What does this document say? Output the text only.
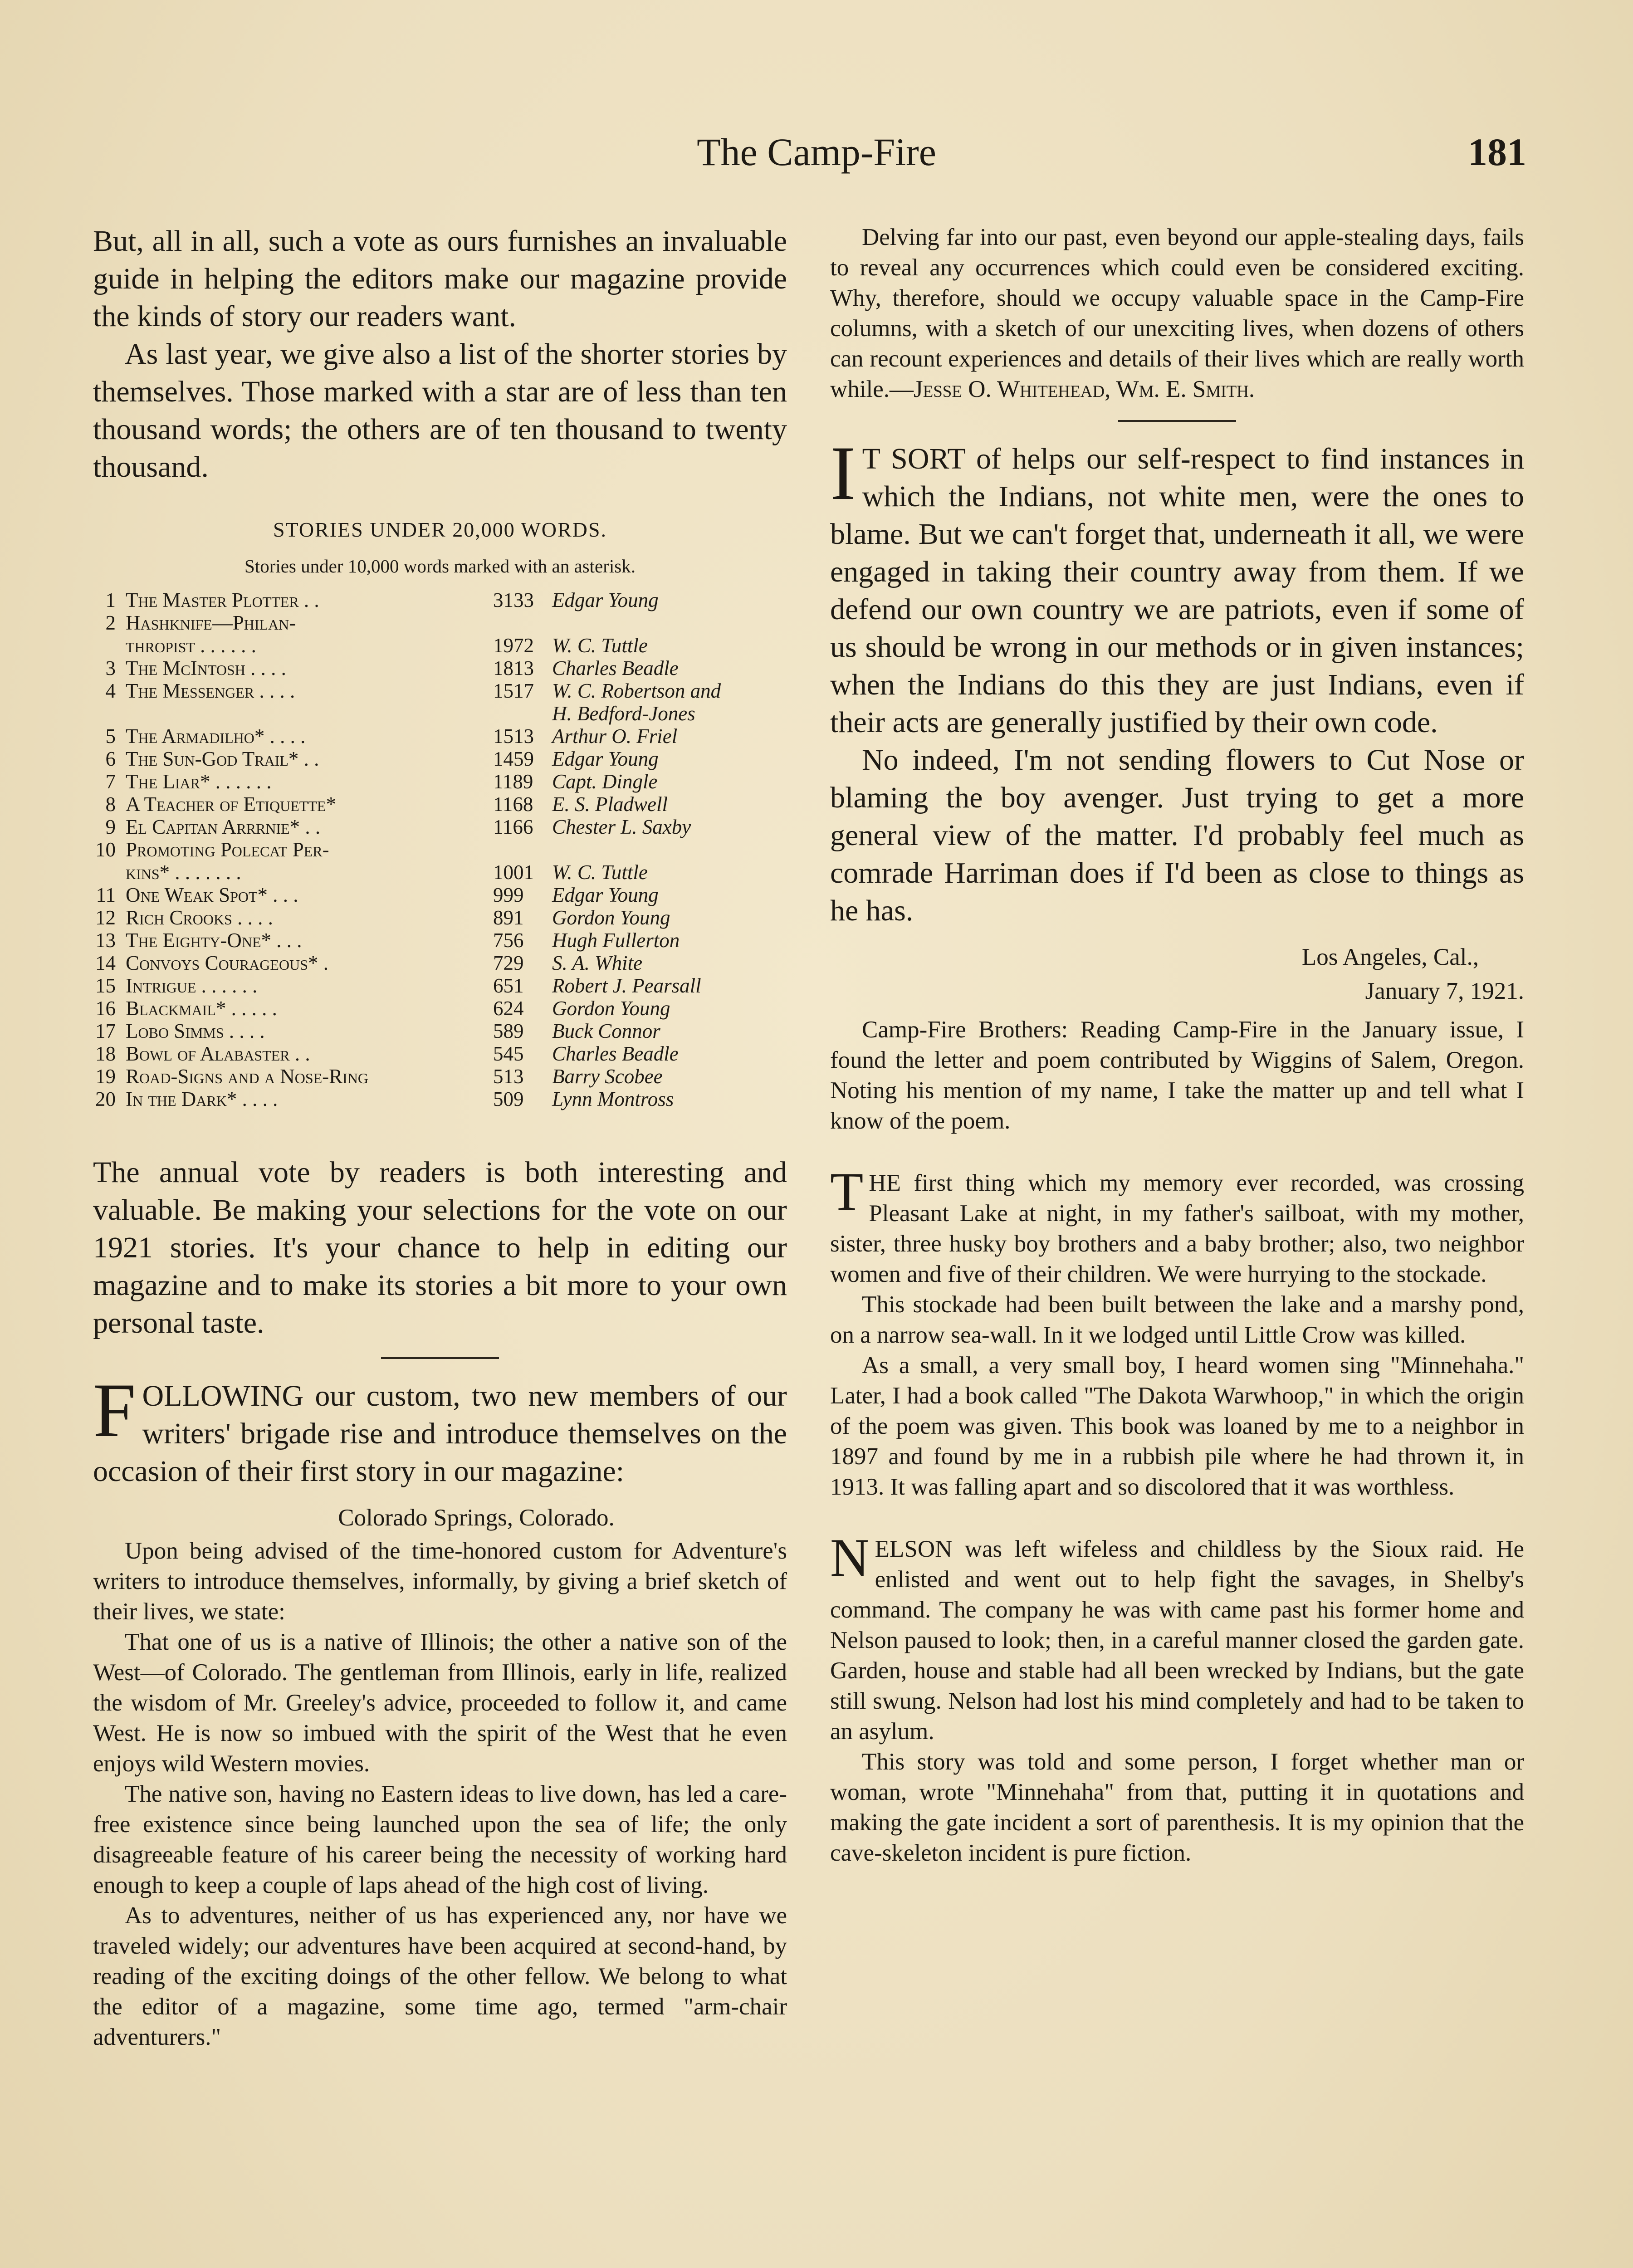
The Camp-Fire	181

But, all in all, such a vote as ours furnishes an invaluable guide in helping the editors make our magazine provide the kinds of story our readers want.

As last year, we give also a list of the shorter stories by themselves. Those marked with a star are of less than ten thousand words; the others are of ten thousand to twenty thousand.

STORIES UNDER 20,000 WORDS.
Stories under 10,000 words marked with an asterisk.
1 The Master Plotter . .	3133 Edgar Young
2 Hashknife—Philan-
thropist . . . . . .	1972 W. C. Tuttle
3 The McIntosh . . . .	1813 Charles Beadle
4 The Messenger . . . .	1517 W. C. Robertson and
H. Bedford-Jones
5 The Armadilho* . . . .	1513 Arthur O. Friel
6 The Sun-God Trail* . .	1459 Edgar Young
7 The Liar* . . . . . .	1189 Capt. Dingle
8 A Teacher of Etiquette*	1168 E. S. Pladwell
9 El Capitan Arrrnie* . .	1166 Chester L. Saxby
10 Promoting Polecat Per-
kins* . . . . . . .	1001 W. C. Tuttle
11 One Weak Spot* . . .	999	Edgar Young
12 Rich Crooks . . . .	891	Gordon Young
13 The Eighty-One* . . .	756	Hugh Fullerton
14 Convoys Courageous* .	729	S. A. White
15 Intrigue . . . . . .	651	Robert J. Pearsall
16 Blackmail* . . . . .	624	Gordon Young
17 Lobo Simms . . . .	589	Buck Connor
18 Bowl of Alabaster . .	545	Charles Beadle
19 Road-Signs and a Nose-Ring	513	Barry Scobee
20 In the Dark* . . . .	509	Lynn Montross

The annual vote by readers is both interesting and valuable. Be making your selections for the vote on our 1921 stories. It's your chance to help in editing our magazine and to make its stories a bit more to your own personal taste.

FOLLOWING our custom, two new members of our writers' brigade rise and introduce themselves on the occasion of their first story in our magazine:

Colorado Springs, Colorado.

Upon being advised of the time-honored custom for Adventure's writers to introduce themselves, informally, by giving a brief sketch of their lives, we state:

That one of us is a native of Illinois; the other a native son of the West—of Colorado. The gentleman from Illinois, early in life, realized the wisdom of Mr. Greeley's advice, proceeded to follow it, and came West. He is now so imbued with the spirit of the West that he even enjoys wild Western movies.

The native son, having no Eastern ideas to live down, has led a care-free existence since being launched upon the sea of life; the only disagreeable feature of his career being the necessity of working hard enough to keep a couple of laps ahead of the high cost of living.

As to adventures, neither of us has experienced any, nor have we traveled widely; our adventures have been acquired at second-hand, by reading of the exciting doings of the other fellow. We belong to what the editor of a magazine, some time ago, termed "arm-chair adventurers."

Delving far into our past, even beyond our apple-stealing days, fails to reveal any occurrences which could even be considered exciting. Why, therefore, should we occupy valuable space in the Camp-Fire columns, with a sketch of our unexciting lives, when dozens of others can recount experiences and details of their lives which are really worth while.—Jesse O. Whitehead, Wm. E. Smith.

I T SORT of helps our self-respect to find instances in which the Indians, not white men, were the ones to blame. But we can't forget that, underneath it all, we were engaged in taking their country away from them. If we defend our own country we are patriots, even if some of us should be wrong in our methods or in given instances; when the Indians do this they are just Indians, even if their acts are generally justified by their own code.

No indeed, I'm not sending flowers to Cut Nose or blaming the boy avenger. Just trying to get a more general view of the matter. I'd probably feel much as comrade Harriman does if I'd been as close to things as he has.

Los Angeles, Cal.,

January 7, 1921.

Camp-Fire Brothers: Reading Camp-Fire in the January issue, I found the letter and poem contributed by Wiggins of Salem, Oregon. Noting his mention of my name, I take the matter up and tell what I know of the poem.

THE first thing which my memory ever recorded, was crossing Pleasant Lake at night, in my father's sailboat, with my mother, sister, three husky boy brothers and a baby brother; also, two neighbor women and five of their children. We were hurrying to the stockade.

This stockade had been built between the lake and a marshy pond, on a narrow sea-wall. In it we lodged until Little Crow was killed.

As a small, a very small boy, I heard women sing "Minnehaha." Later, I had a book called "The Dakota Warwhoop," in which the origin of the poem was given. This book was loaned by me to a neighbor in 1897 and found by me in a rubbish pile where he had thrown it, in 1913. It was falling apart and so discolored that it was worthless.

NELSON was left wifeless and childless by the Sioux raid. He enlisted and went out to help fight the savages, in Shelby's command. The company he was with came past his former home and Nelson paused to look; then, in a careful manner closed the garden gate. Garden, house and stable had all been wrecked by Indians, but the gate still swung. Nelson had lost his mind completely and had to be taken to an asylum.

This story was told and some person, I forget whether man or woman, wrote "Minnehaha" from that, putting it in quotations and making the gate incident a sort of parenthesis. It is my opinion that the cave-skeleton incident is pure fiction.
